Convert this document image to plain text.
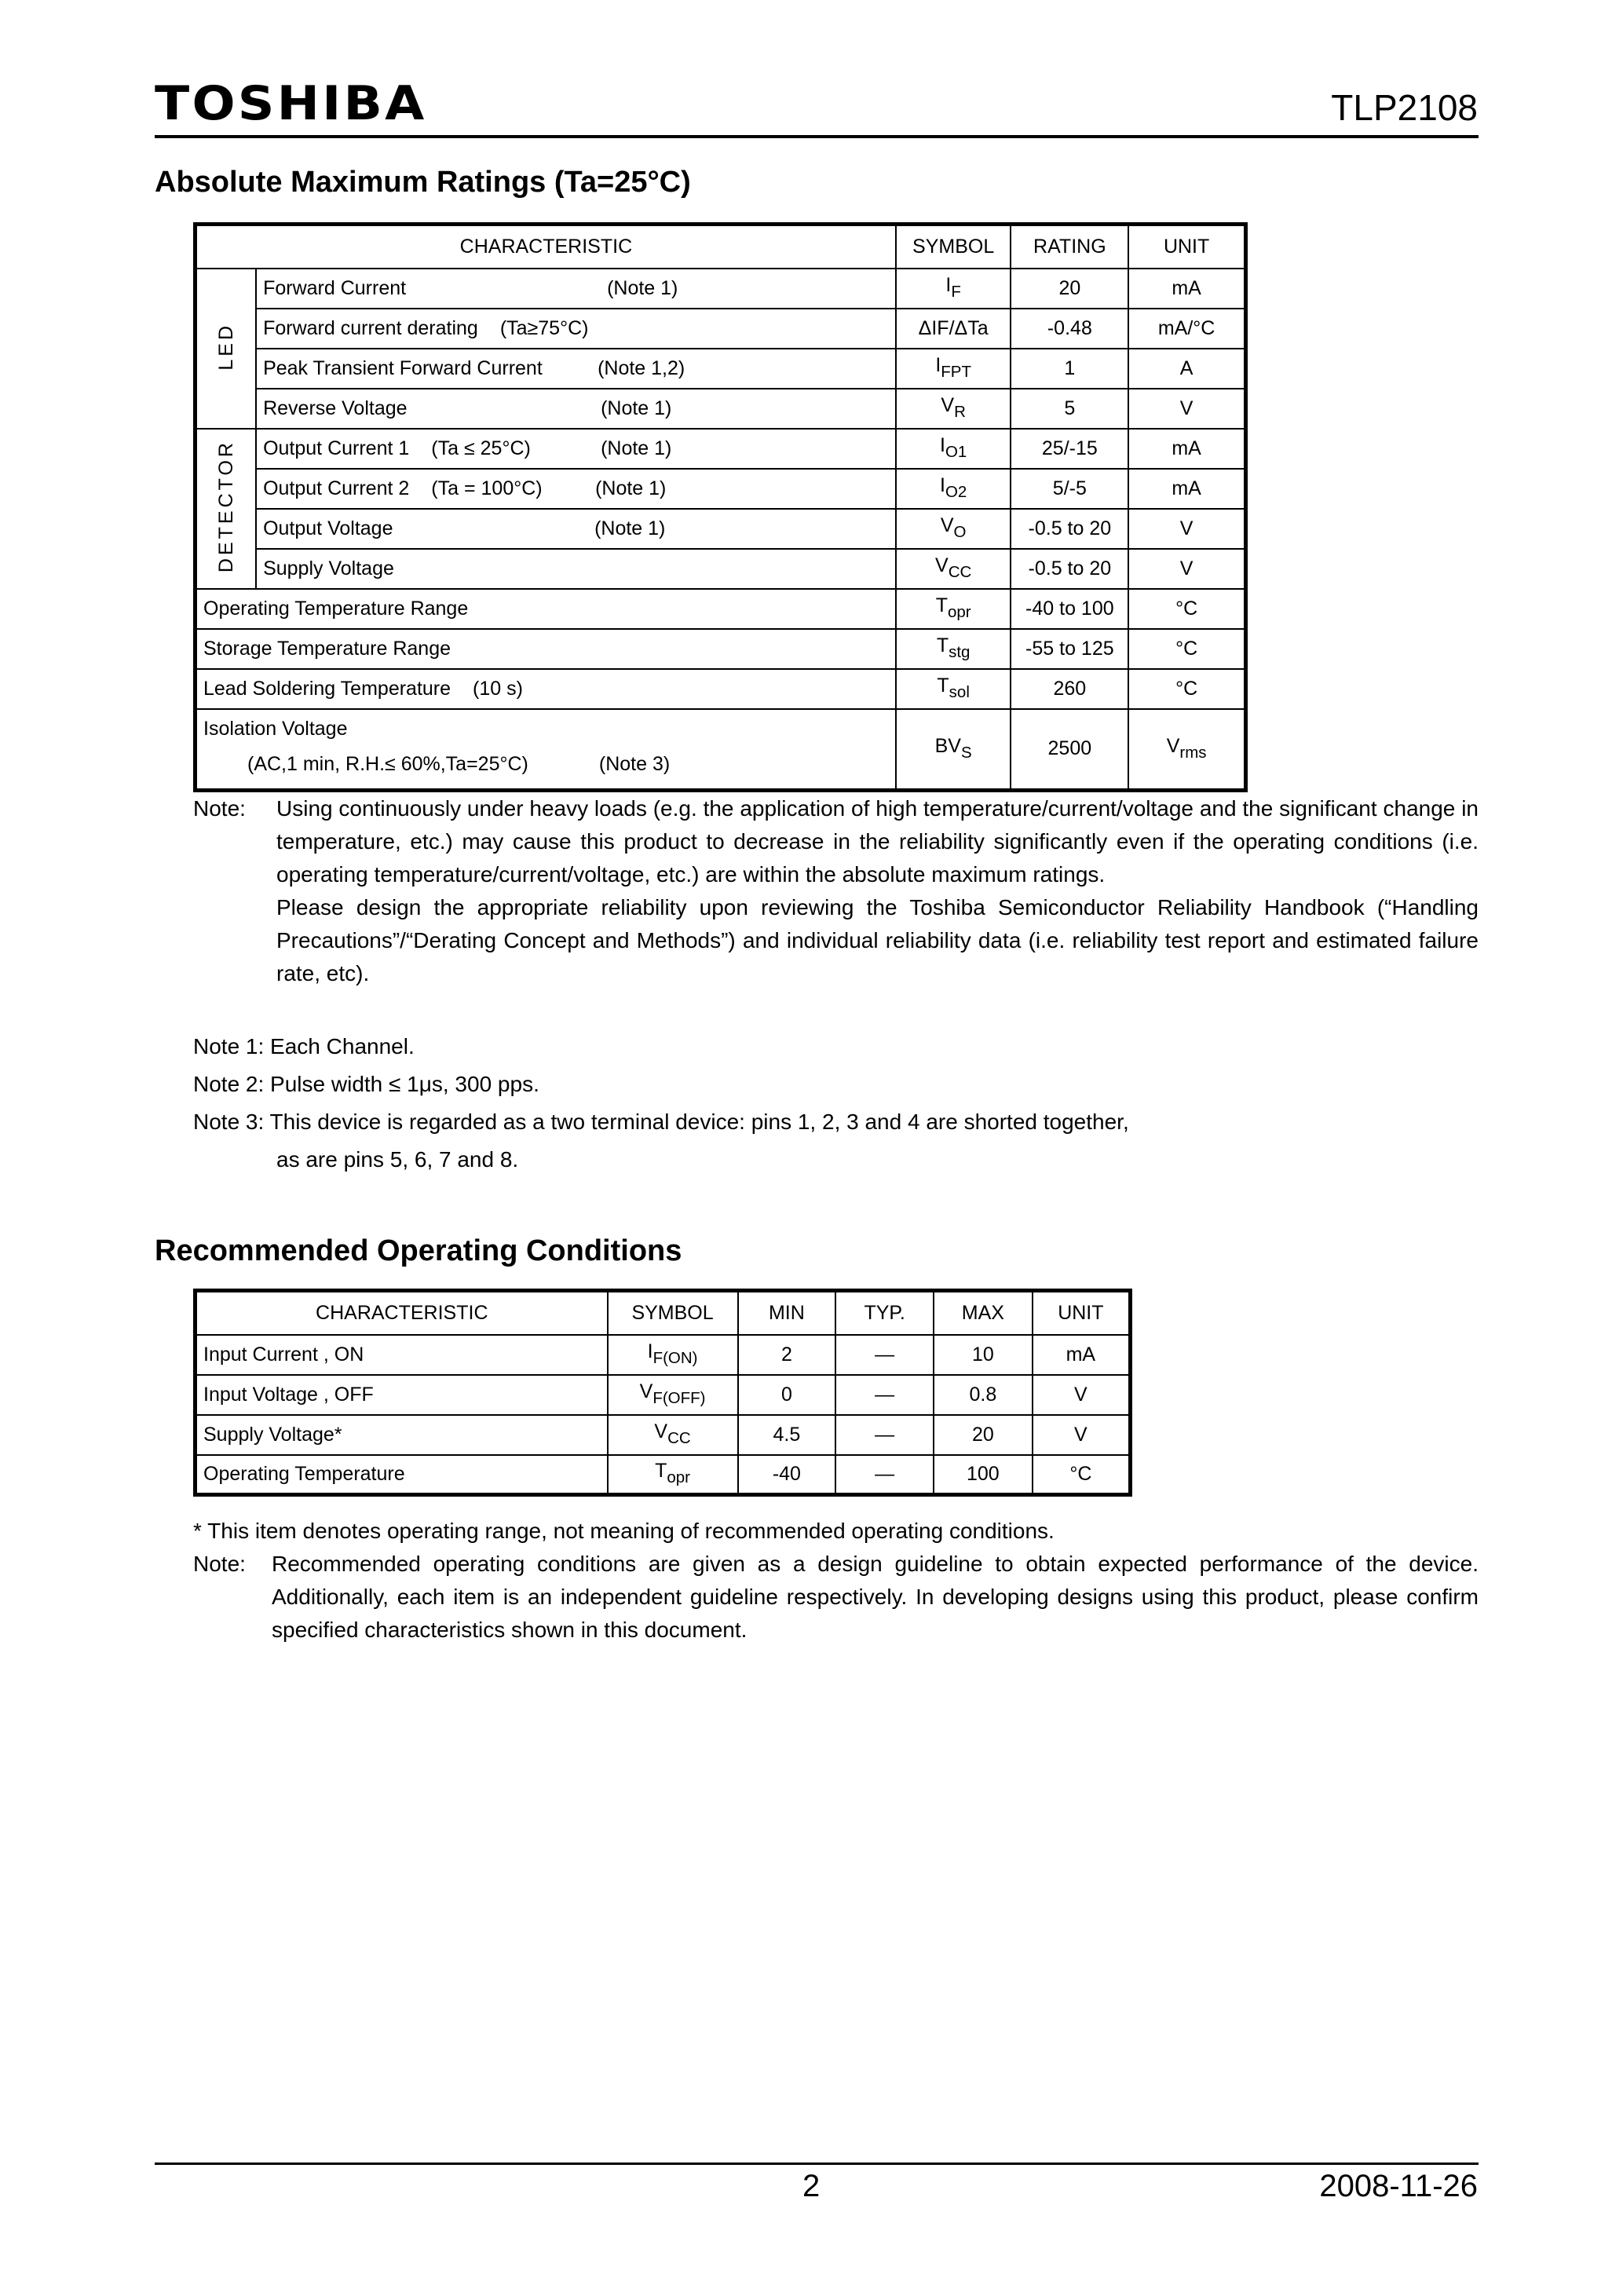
TOSHIBA	TLP2108
Absolute Maximum Ratings (Ta=25°C)
CHARACTERISTIC		SYMBOL	RATING	UNIT
LED	Forward Current (Note 1)	$I_F$	20	mA

	Forward current derating (Ta≥75°C)	ΔIF/ΔTa	-0.48	mA/°C

	Peak Transient Forward Current (Note 1,2)	$I_{FPT}$	1	A

	Reverse Voltage (Note 1)	$V_R$	5	V
DETECTOR	Output Current 1 (Ta ≤ 25°C) (Note 1)	$I_{O1}$	25/-15	mA

	Output Current 2 (Ta = 100°C) (Note 1)	$I_{O2}$	5/-5	mA

	Output Voltage (Note 1)	$V_O$	-0.5 to 20	V

	Supply Voltage	$V_{CC}$	-0.5 to 20	V

Operating Temperature Range		$T_{opr}$	-40 to 100	°C

Storage Temperature Range		$T_{stg}$	-55 to 125	°C

Lead Soldering Temperature (10 s)		$T_{sol}$	260	°C

Isolation Voltage
(AC,1 min, R.H.≤ 60%,Ta=25°C) (Note 3)		$BV_S$	2500	$V_{rms}$
Note: Using continuously under heavy loads (e.g. the application of high temperature/current/voltage and the significant change in temperature, etc.) may cause this product to decrease in the reliability significantly even if the operating conditions (i.e. operating temperature/current/voltage, etc.) are within the absolute maximum ratings.

Please design the appropriate reliability upon reviewing the Toshiba Semiconductor Reliability Handbook (“Handling Precautions”/“Derating Concept and Methods”) and individual reliability data (i.e. reliability test report and estimated failure rate, etc).

Note 1: Each Channel.
Note 2: Pulse width ≤ 1μs, 300 pps.
Note 3: This device is regarded as a two terminal device: pins 1, 2, 3 and 4 are shorted together,
as are pins 5, 6, 7 and 8.
Recommended Operating Conditions
CHARACTERISTIC	SYMBOL	MIN	TYP.	MAX	UNIT
Input Current , ON	$I_{F(ON)}$	2	—	10	mA
Input Voltage , OFF	$V_{F(OFF)}$	0	—	0.8	V
Supply Voltage*	$V_{CC}$	4.5	—	20	V
Operating Temperature	$T_{opr}$	-40	—	100	°C
* This item denotes operating range, not meaning of recommended operating conditions.
Note: Recommended operating conditions are given as a design guideline to obtain expected performance of the device. Additionally, each item is an independent guideline respectively. In developing designs using this product, please confirm specified characteristics shown in this document.

2	2008-11-26
